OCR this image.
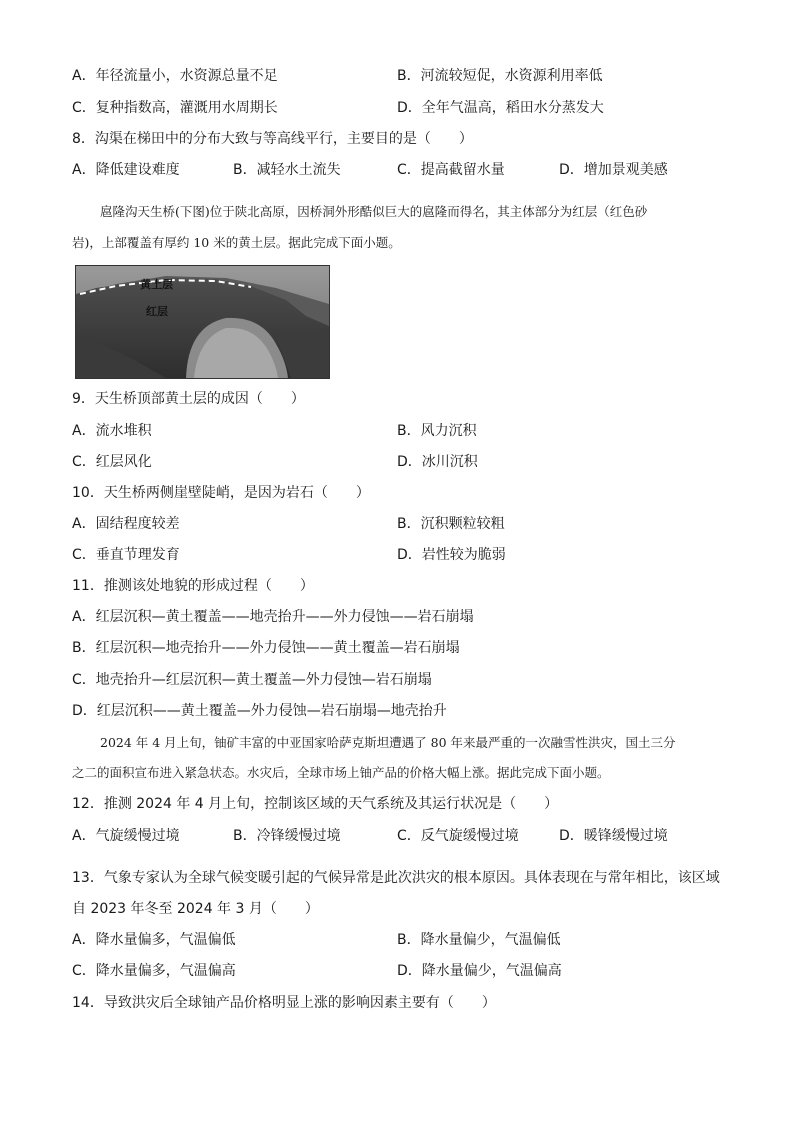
A．年径流量小，水资源总量不足	B．河流较短促，水资源利用率低
C．复种指数高，灌溉用水周期长	D．全年气温高，稻田水分蒸发大
8．沟渠在梯田中的分布大致与等高线平行，主要目的是（　　）
A．降低建设难度	B．减轻水土流失	C．提高截留水量	D．增加景观美感
扈隆沟天生桥(下图)位于陕北高原，因桥洞外形酷似巨大的扈隆而得名，其主体部分为红层（红色砂
岩)，上部覆盖有厚约 10 米的黄土层。据此完成下面小题。
黄土层
红层
9．天生桥顶部黄土层的成因（　　）
A．流水堆积	B．风力沉积
C．红层风化	D．冰川沉积
10．天生桥两侧崖壁陡峭，是因为岩石（　　）
A．固结程度较差	B．沉积颗粒较粗
C．垂直节理发育	D．岩性较为脆弱
11．推测该处地貌的形成过程（　　）
A．红层沉积—黄土覆盖——地壳抬升——外力侵蚀——岩石崩塌
B．红层沉积—地壳抬升——外力侵蚀——黄土覆盖—岩石崩塌
C．地壳抬升—红层沉积—黄土覆盖—外力侵蚀—岩石崩塌
D．红层沉积——黄土覆盖—外力侵蚀—岩石崩塌—地壳抬升
2024 年 4 月上旬，铀矿丰富的中亚国家哈萨克斯坦遭遇了 80 年来最严重的一次融雪性洪灾，国土三分
之二的面积宣布进入紧急状态。水灾后，全球市场上铀产品的价格大幅上涨。据此完成下面小题。
12．推测 2024 年 4 月上旬，控制该区域的天气系统及其运行状况是（　　）
A．气旋缓慢过境	B．冷锋缓慢过境	C．反气旋缓慢过境	D．暖锋缓慢过境
13．气象专家认为全球气候变暖引起的气候异常是此次洪灾的根本原因。具体表现在与常年相比，该区域
自 2023 年冬至 2024 年 3 月（　　）
A．降水量偏多，气温偏低	B．降水量偏少，气温偏低
C．降水量偏多，气温偏高	D．降水量偏少，气温偏高
14．导致洪灾后全球铀产品价格明显上涨的影响因素主要有（　　）
